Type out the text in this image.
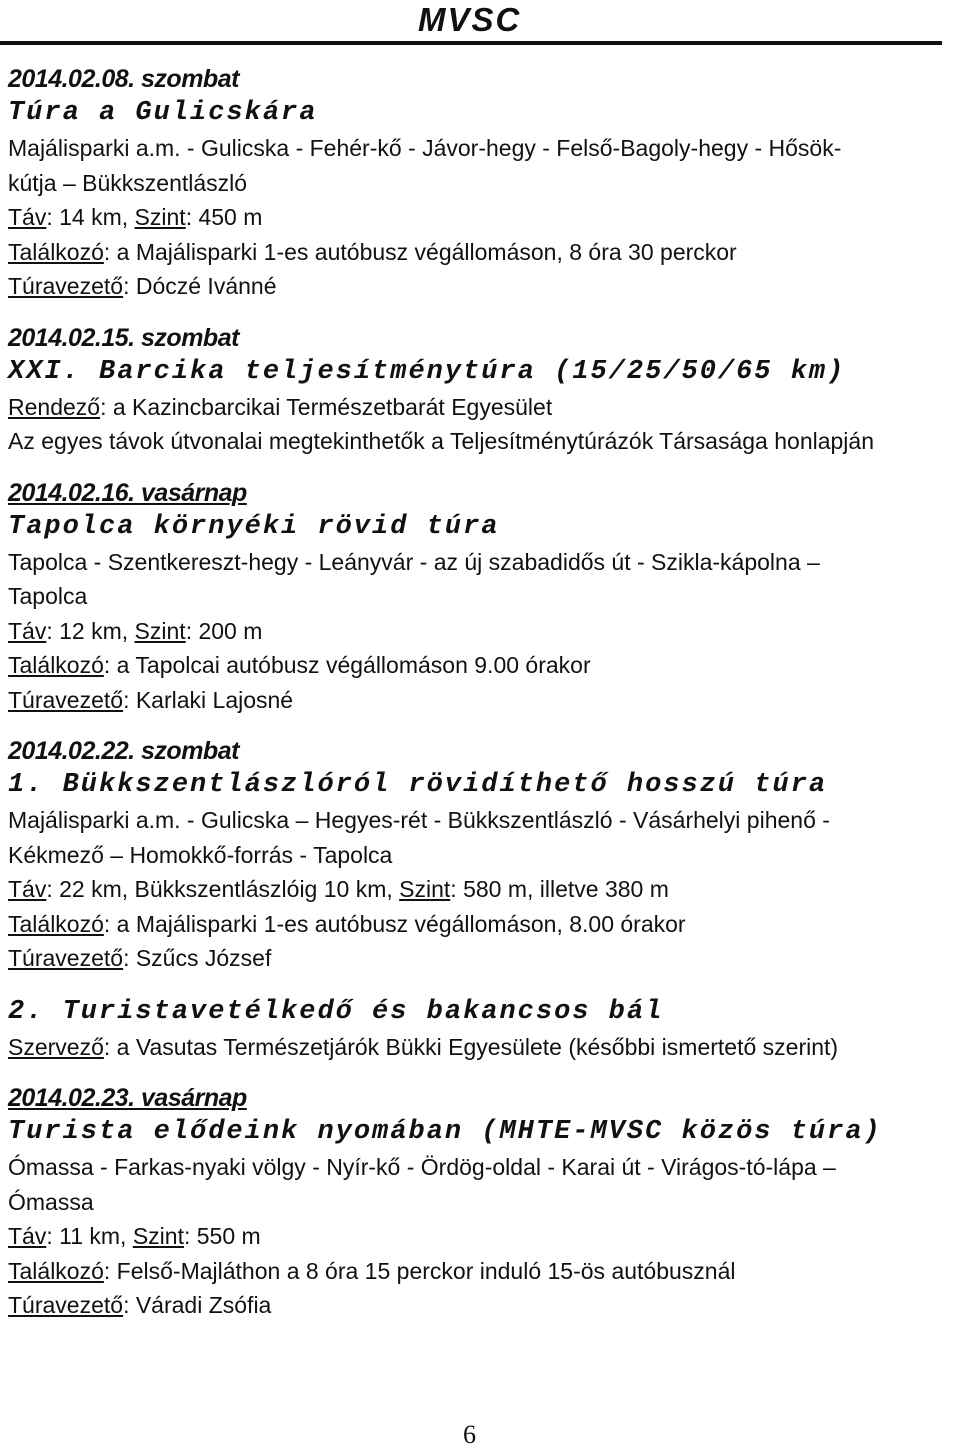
MVSC
2014.02.08. szombat
Túra a Gulicskára
Majálisparki a.m. - Gulicska - Fehér-kő - Jávor-hegy - Felső-Bagoly-hegy - Hősök-
kútja – Bükkszentlászló
Táv: 14 km, Szint: 450 m
Találkozó: a Majálisparki 1-es autóbusz végállomáson, 8 óra 30 perckor
Túravezető: Dóczé Ivánné
2014.02.15. szombat
XXI. Barcika teljesítménytúra (15/25/50/65 km)
Rendező: a Kazincbarcikai Természetbarát Egyesület
Az egyes távok útvonalai megtekinthetők a Teljesítménytúrázók Társasága honlapján
2014.02.16. vasárnap
Tapolca környéki rövid túra
Tapolca - Szentkereszt-hegy - Leányvár - az új szabadidős út - Szikla-kápolna –
Tapolca
Táv: 12 km, Szint: 200 m
Találkozó: a Tapolcai autóbusz végállomáson 9.00 órakor
Túravezető: Karlaki Lajosné
2014.02.22. szombat
1. Bükkszentlászlóról rövidíthető hosszú túra
Majálisparki a.m. - Gulicska – Hegyes-rét - Bükkszentlászló - Vásárhelyi pihenő -
Kékmező – Homokkő-forrás - Tapolca
Táv: 22 km, Bükkszentlászlóig 10 km, Szint: 580 m, illetve 380 m
Találkozó: a Majálisparki 1-es autóbusz végállomáson, 8.00 órakor
Túravezető: Szűcs József
2. Turistavetélkedő és bakancsos bál
Szervező: a Vasutas Természetjárók Bükki Egyesülete (későbbi ismertető szerint)
2014.02.23. vasárnap
Turista elődeink nyomában (MHTE-MVSC közös túra)
Ómassa - Farkas-nyaki völgy - Nyír-kő - Ördög-oldal - Karai út - Virágos-tó-lápa –
Ómassa
Táv: 11 km, Szint: 550 m
Találkozó: Felső-Majláthon a 8 óra 15 perckor induló 15-ös autóbusznál
Túravezető: Váradi Zsófia
6
